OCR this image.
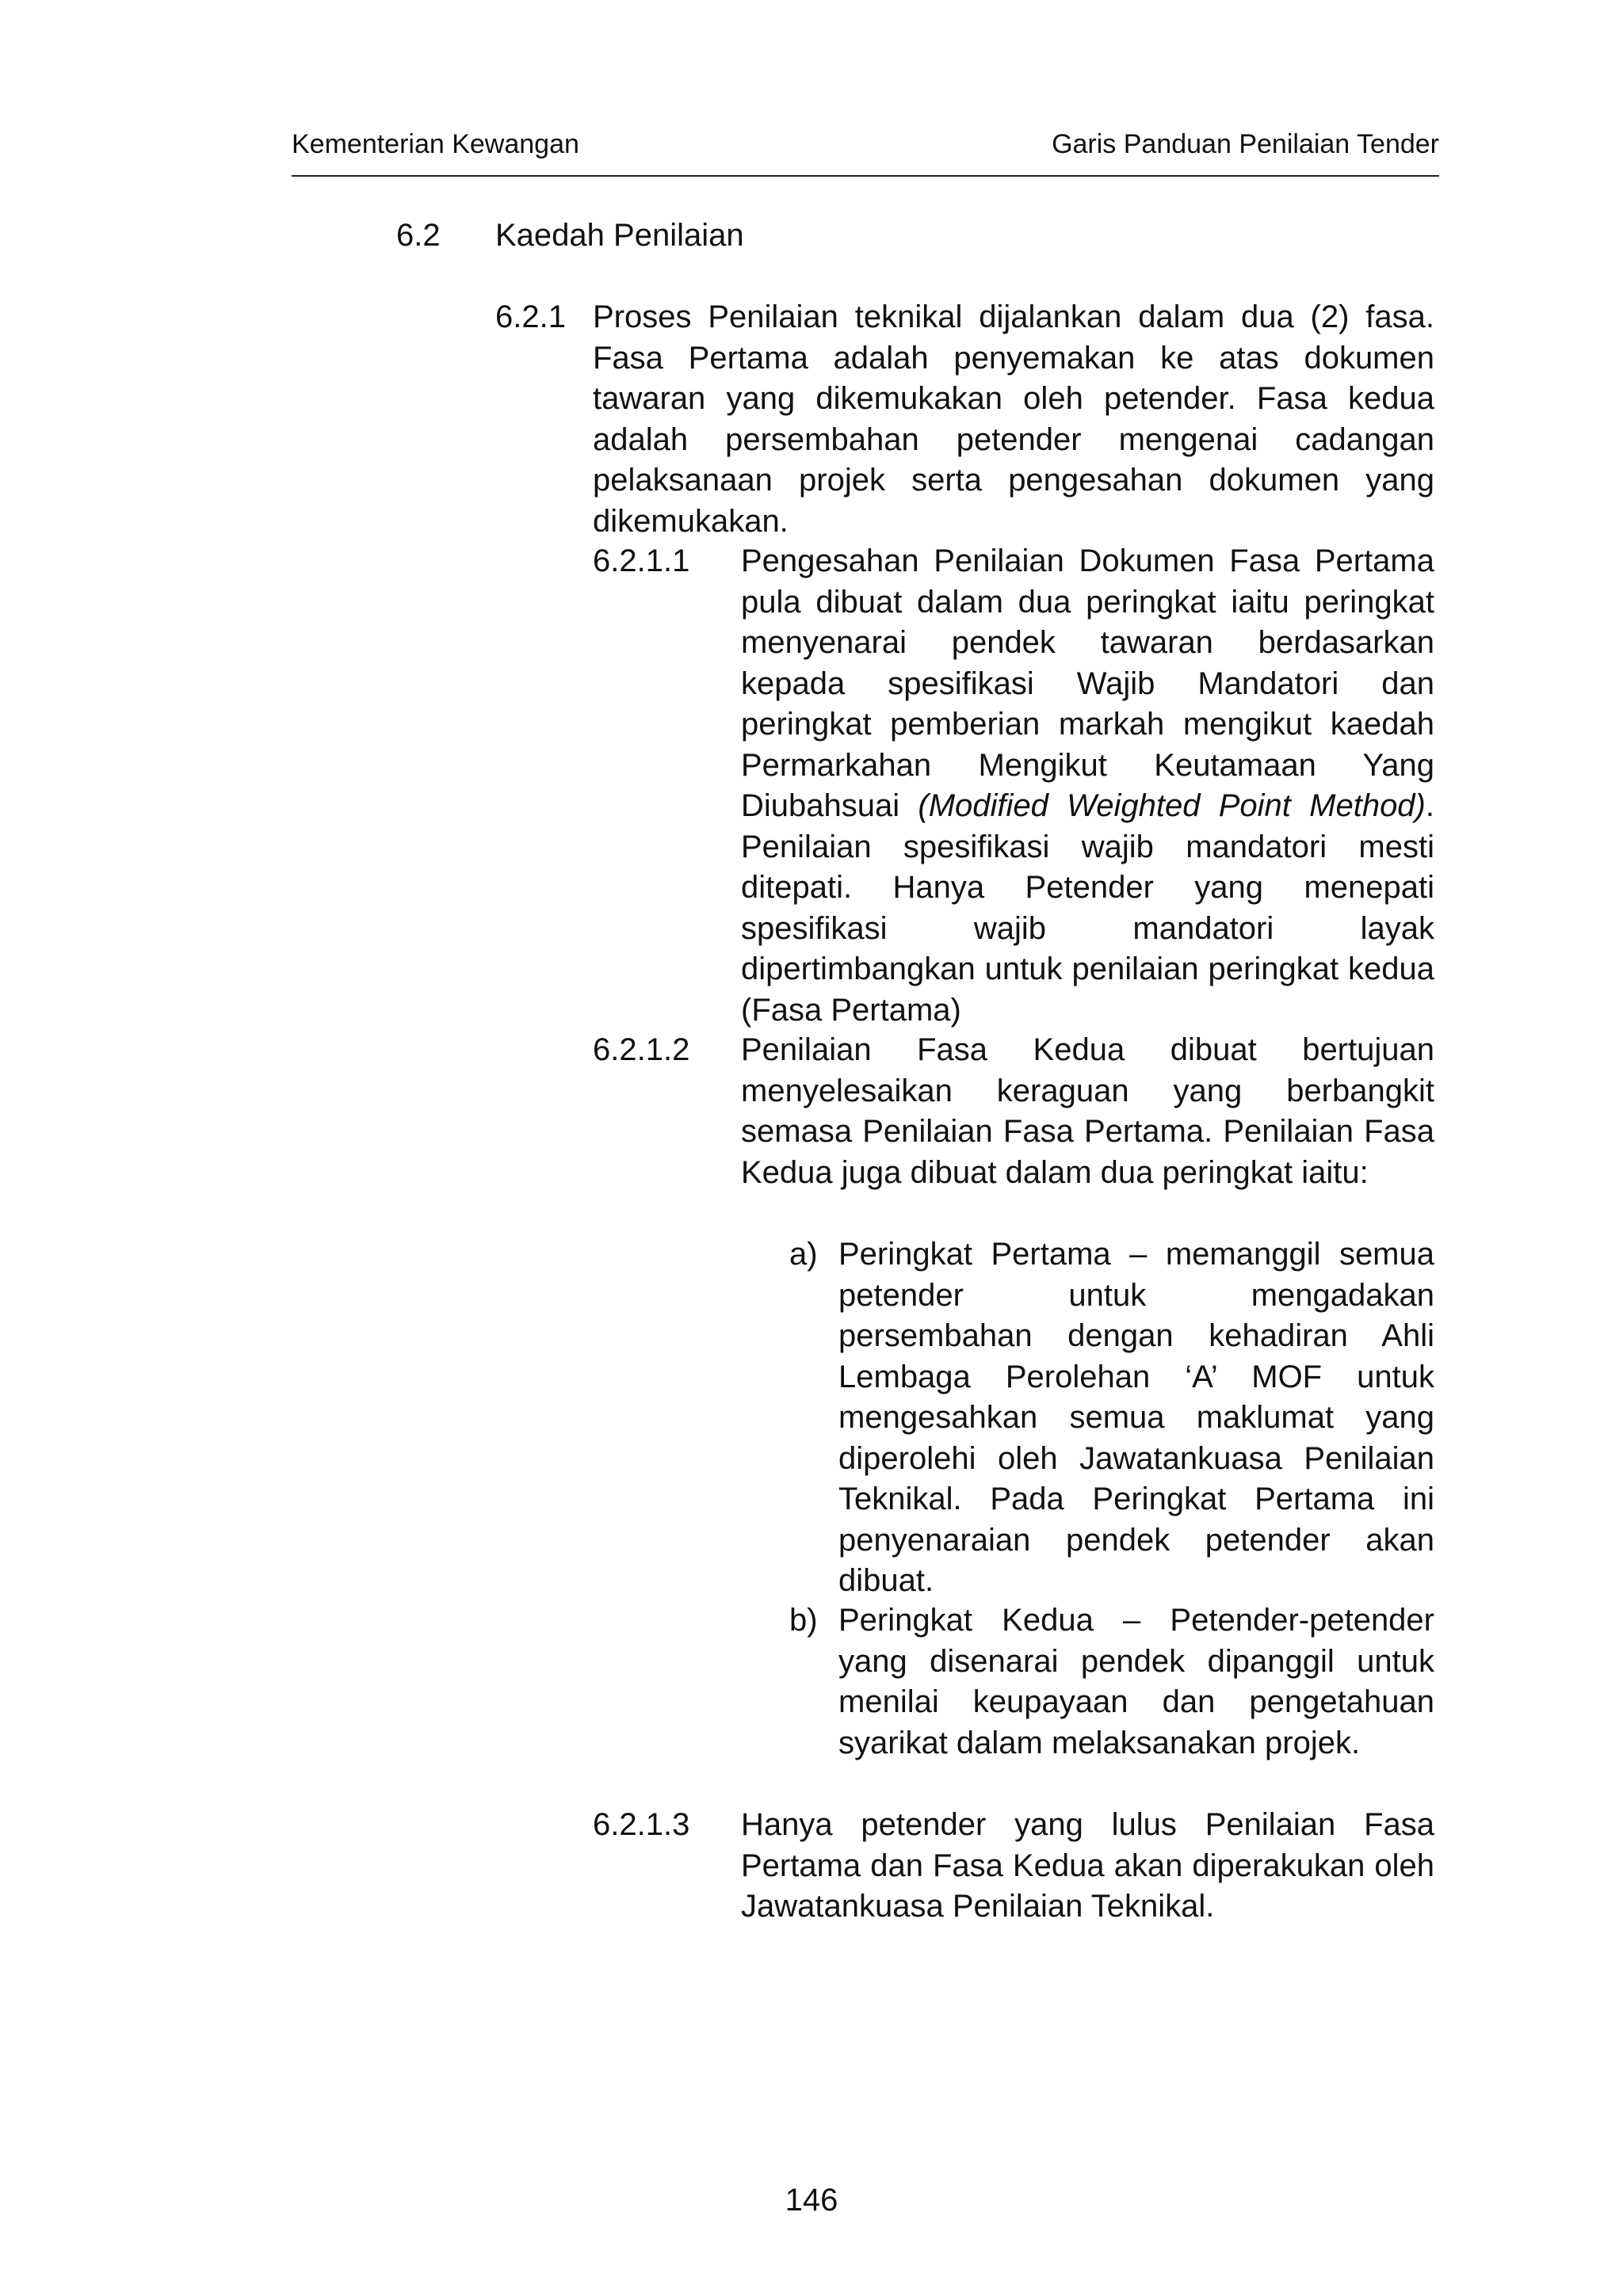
Kementerian Kewangan	Garis Panduan Penilaian Tender
6.2 Kaedah Penilaian
6.2.1 Proses Penilaian teknikal dijalankan dalam dua (2) fasa. Fasa Pertama adalah penyemakan ke atas dokumen tawaran yang dikemukakan oleh petender. Fasa kedua adalah persembahan petender mengenai cadangan pelaksanaan projek serta pengesahan dokumen yang dikemukakan.
6.2.1.1 Pengesahan Penilaian Dokumen Fasa Pertama pula dibuat dalam dua peringkat iaitu peringkat menyenarai pendek tawaran berdasarkan kepada spesifikasi Wajib Mandatori dan peringkat pemberian markah mengikut kaedah Permarkahan Mengikut Keutamaan Yang Diubahsuai (Modified Weighted Point Method). Penilaian spesifikasi wajib mandatori mesti ditepati. Hanya Petender yang menepati spesifikasi wajib mandatori layak dipertimbangkan untuk penilaian peringkat kedua (Fasa Pertama)
6.2.1.2 Penilaian Fasa Kedua dibuat bertujuan menyelesaikan keraguan yang berbangkit semasa Penilaian Fasa Pertama. Penilaian Fasa Kedua juga dibuat dalam dua peringkat iaitu:
a) Peringkat Pertama – memanggil semua petender untuk mengadakan persembahan dengan kehadiran Ahli Lembaga Perolehan ‘A’ MOF untuk mengesahkan semua maklumat yang diperolehi oleh Jawatankuasa Penilaian Teknikal. Pada Peringkat Pertama ini penyenaraian pendek petender akan dibuat.
b) Peringkat Kedua – Petender-petender yang disenarai pendek dipanggil untuk menilai keupayaan dan pengetahuan syarikat dalam melaksanakan projek.
6.2.1.3 Hanya petender yang lulus Penilaian Fasa Pertama dan Fasa Kedua akan diperakukan oleh Jawatankuasa Penilaian Teknikal.
146
